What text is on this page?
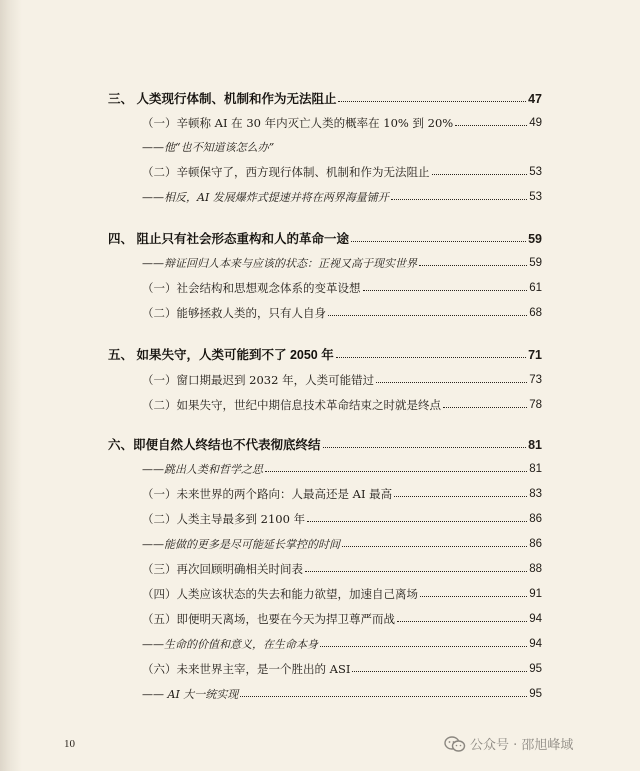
三、 人类现行体制、机制和作为无法阻止	47
（一）辛顿称 AI 在 30 年内灭亡人类的概率在 10% 到 20%	49
——他“也不知道该怎么办”
（二）辛顿保守了，西方现行体制、机制和作为无法阻止	53
——相反，AI 发展爆炸式提速并将在两界海量铺开	53
四、 阻止只有社会形态重构和人的革命一途	59
——辩证回归人本来与应该的状态：正视又高于现实世界	59
（一）社会结构和思想观念体系的变革设想	61
（二）能够拯救人类的，只有人自身	68
五、 如果失守，人类可能到不了 2050 年	71
（一）窗口期最迟到 2032 年，人类可能错过	73
（二）如果失守，世纪中期信息技术革命结束之时就是终点	78
六、即便自然人终结也不代表彻底终结	81
——跳出人类和哲学之思	81
（一）未来世界的两个路向：人最高还是 AI 最高	83
（二）人类主导最多到 2100 年	86
——能做的更多是尽可能延长掌控的时间	86
（三）再次回顾明确相关时间表	88
（四）人类应该状态的失去和能力欲望，加速自己离场	91
（五）即便明天离场，也要在今天为捍卫尊严而战	94
——生命的价值和意义，在生命本身	94
（六）未来世界主宰，是一个胜出的 ASI	95
—— AI 大一统实现	95
10	公众号 · 邵旭峰域
